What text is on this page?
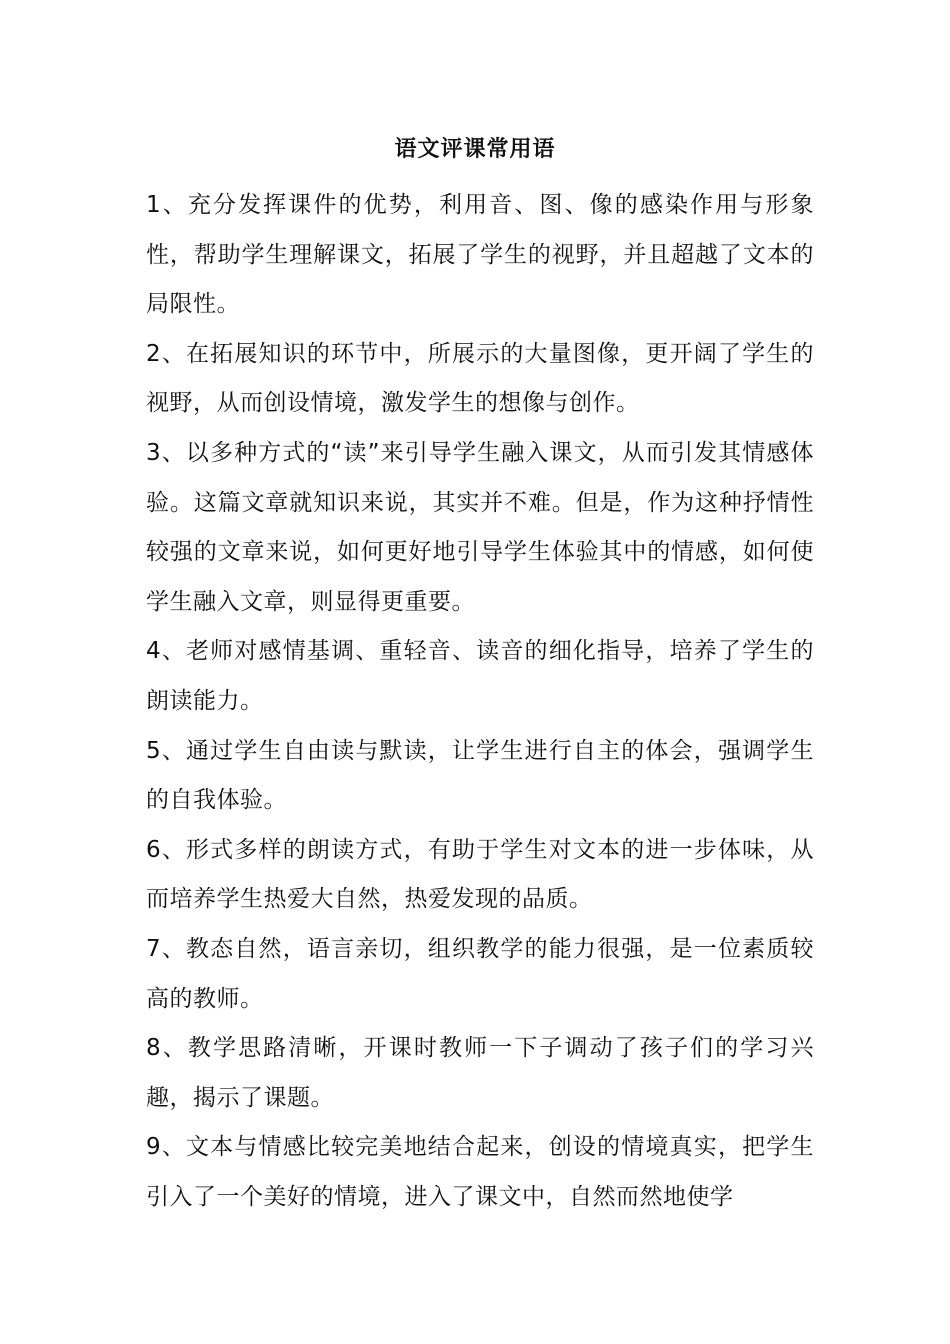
语文评课常用语

1、充分发挥课件的优势，利用音、图、像的感染作用与形象性，帮助学生理解课文，拓展了学生的视野，并且超越了文本的局限性。

2、在拓展知识的环节中，所展示的大量图像，更开阔了学生的视野，从而创设情境，激发学生的想像与创作。

3、以多种方式的“读”来引导学生融入课文，从而引发其情感体验。这篇文章就知识来说，其实并不难。但是，作为这种抒情性较强的文章来说，如何更好地引导学生体验其中的情感，如何使学生融入文章，则显得更重要。

4、老师对感情基调、重轻音、读音的细化指导，培养了学生的朗读能力。

5、通过学生自由读与默读，让学生进行自主的体会，强调学生的自我体验。

6、形式多样的朗读方式，有助于学生对文本的进一步体味，从而培养学生热爱大自然，热爱发现的品质。

7、教态自然，语言亲切，组织教学的能力很强，是一位素质较高的教师。

8、教学思路清晰，开课时教师一下子调动了孩子们的学习兴趣，揭示了课题。

9、文本与情感比较完美地结合起来，创设的情境真实，把学生引入了一个美好的情境，进入了课文中，自然而然地使学
